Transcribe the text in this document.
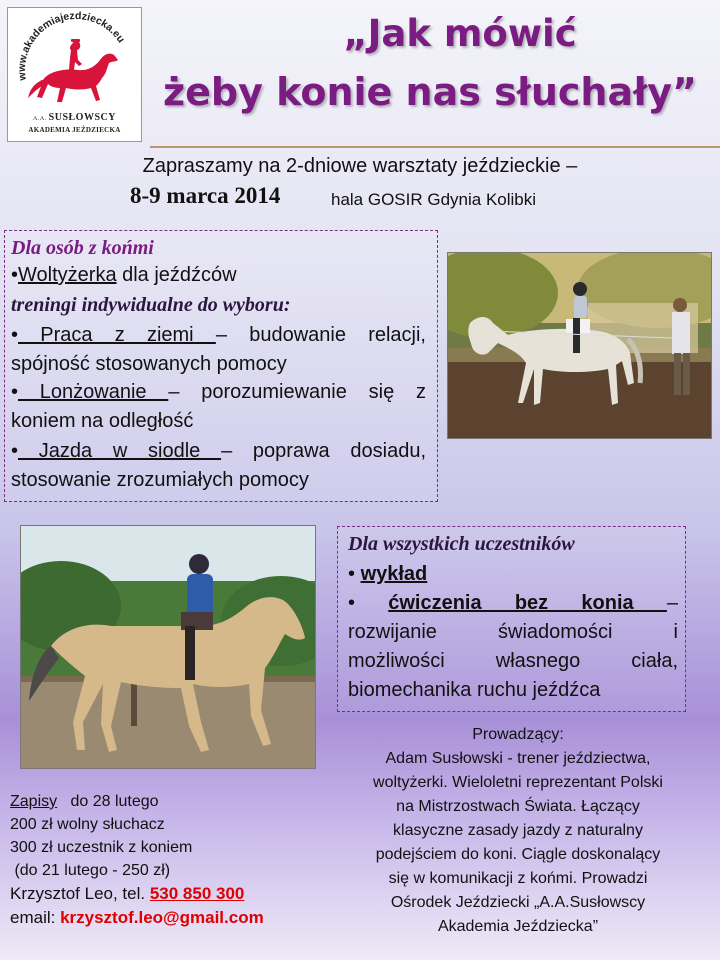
www.akademiajezdziecka.eu
A.A. SUSŁOWSCY
AKADEMIA JEŹDZIECKA
„Jak mówić
żeby konie nas słuchały”
Zapraszamy na 2-dniowe warsztaty jeździeckie –
8-9 marca 2014	hala GOSIR Gdynia Kolibki
Dla osób z końmi
•Woltyżerka dla jeźdźców
treningi indywidualne do wyboru:
• Praca z ziemi – budowanie relacji,
spójność stosowanych pomocy
• Lonżowanie – porozumiewanie się z
koniem na odległość
• Jazda w siodle – poprawa dosiadu,
stosowanie zrozumiałych pomocy
Dla wszystkich uczestników
• wykład
• ćwiczenia bez konia –
rozwijanie świadomości i
możliwości własnego ciała,
biomechanika ruchu jeźdźca
Zapisy   do 28 lutego
200 zł wolny słuchacz
300 zł uczestnik z koniem
(do 21 lutego - 250 zł)
Krzysztof Leo, tel. 530 850 300
email: krzysztof.leo@gmail.com
Prowadzący:
Adam Susłowski - trener jeździectwa,
woltyżerki. Wieloletni reprezentant Polski
na Mistrzostwach Świata. Łączący
klasyczne zasady jazdy z naturalny
podejściem do koni. Ciągle doskonalący
się w komunikacji z końmi. Prowadzi
Ośrodek Jeździecki „A.A.Susłowscy
Akademia Jeździecka”
